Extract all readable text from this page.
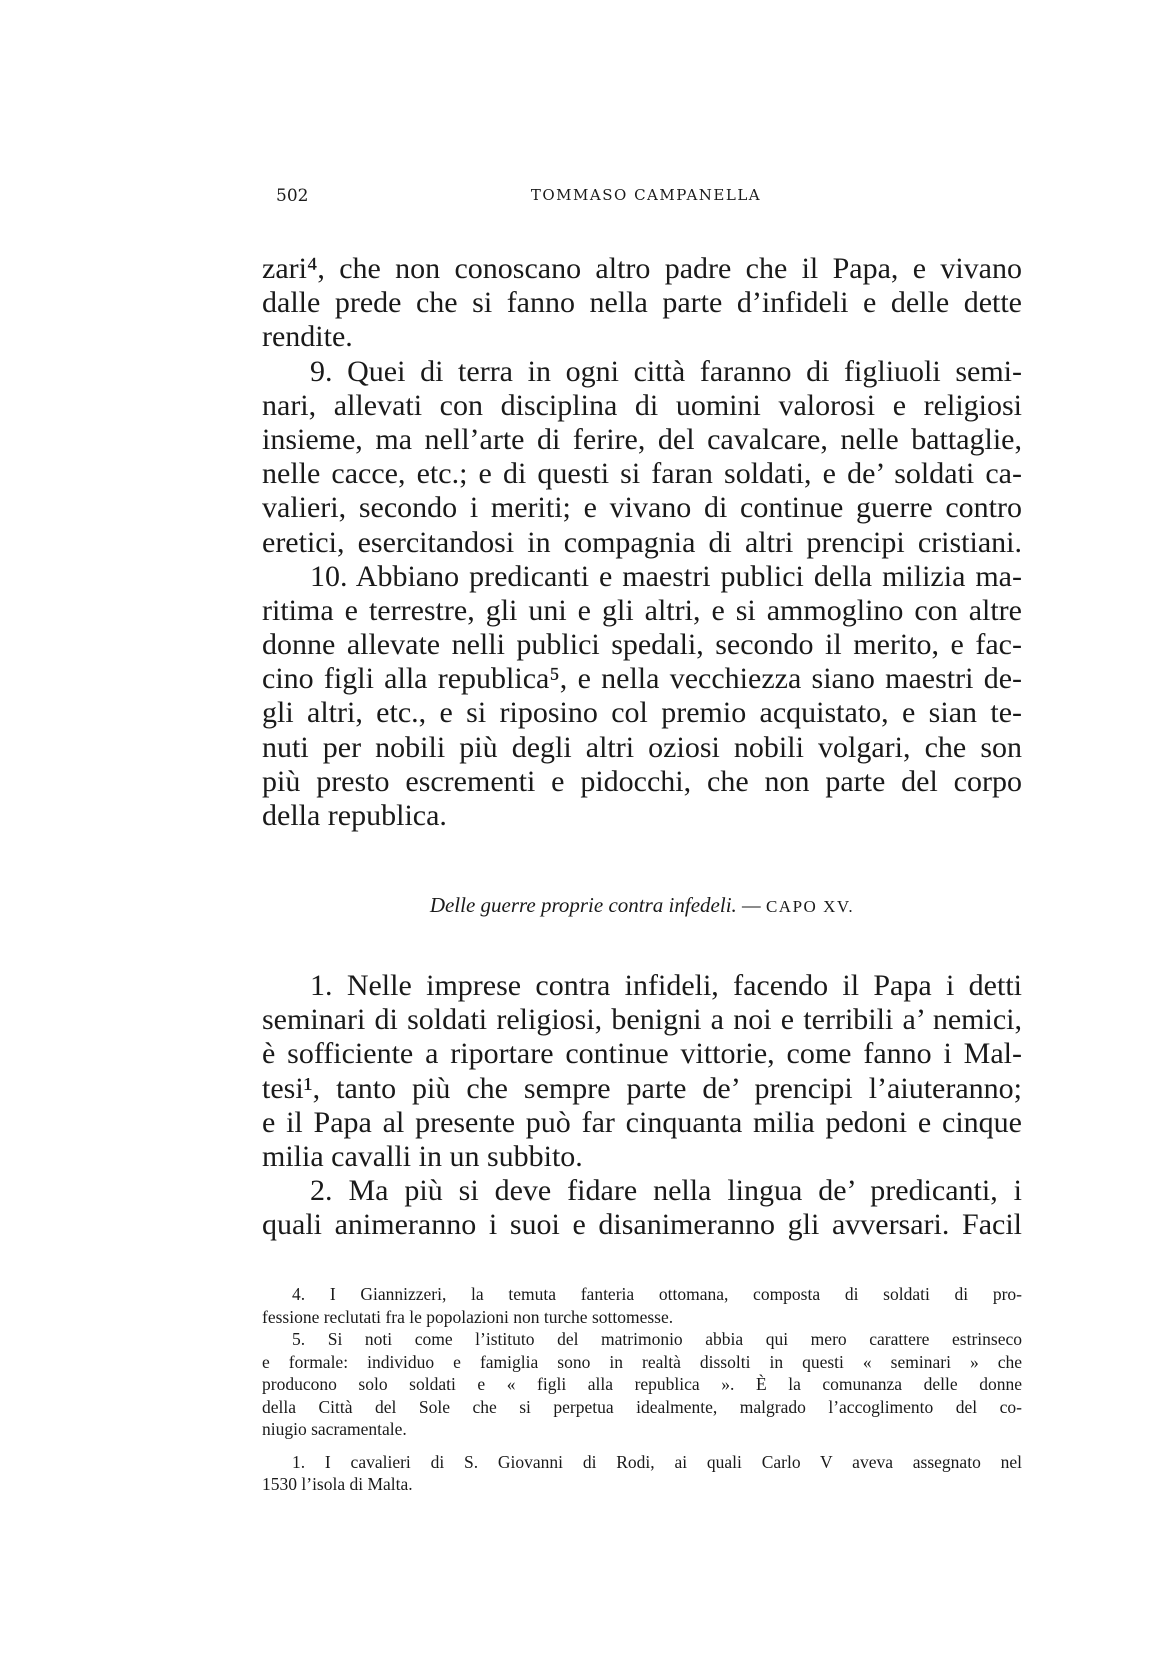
502	TOMMASO CAMPANELLA
zari⁴, che non conoscano altro padre che il Papa, e vivano
dalle prede che si fanno nella parte d’infideli e delle dette
rendite.
9. Quei di terra in ogni città faranno di figliuoli semi-
nari, allevati con disciplina di uomini valorosi e religiosi
insieme, ma nell’arte di ferire, del cavalcare, nelle battaglie,
nelle cacce, etc.; e di questi si faran soldati, e de’ soldati ca-
valieri, secondo i meriti; e vivano di continue guerre contro
eretici, esercitandosi in compagnia di altri prencipi cristiani.
10. Abbiano predicanti e maestri publici della milizia ma-
ritima e terrestre, gli uni e gli altri, e si ammoglino con altre
donne allevate nelli publici spedali, secondo il merito, e fac-
cino figli alla republica⁵, e nella vecchiezza siano maestri de-
gli altri, etc., e si riposino col premio acquistato, e sian te-
nuti per nobili più degli altri oziosi nobili volgari, che son
più presto escrementi e pidocchi, che non parte del corpo
della republica.
Delle guerre proprie contra infedeli. — CAPO XV.
1. Nelle imprese contra infideli, facendo il Papa i detti
seminari di soldati religiosi, benigni a noi e terribili a’ nemici,
è sofficiente a riportare continue vittorie, come fanno i Mal-
tesi¹, tanto più che sempre parte de’ prencipi l’aiuteranno;
e il Papa al presente può far cinquanta milia pedoni e cinque
milia cavalli in un subbito.
2. Ma più si deve fidare nella lingua de’ predicanti, i
quali animeranno i suoi e disanimeranno gli avversari. Facil
4. I Giannizzeri, la temuta fanteria ottomana, composta di soldati di pro-
fessione reclutati fra le popolazioni non turche sottomesse.
5. Si noti come l’istituto del matrimonio abbia qui mero carattere estrinseco
e formale: individuo e famiglia sono in realtà dissolti in questi « seminari » che
producono solo soldati e « figli alla republica ». È la comunanza delle donne
della Città del Sole che si perpetua idealmente, malgrado l’accoglimento del co-
niugio sacramentale.
1. I cavalieri di S. Giovanni di Rodi, ai quali Carlo V aveva assegnato nel
1530 l’isola di Malta.
